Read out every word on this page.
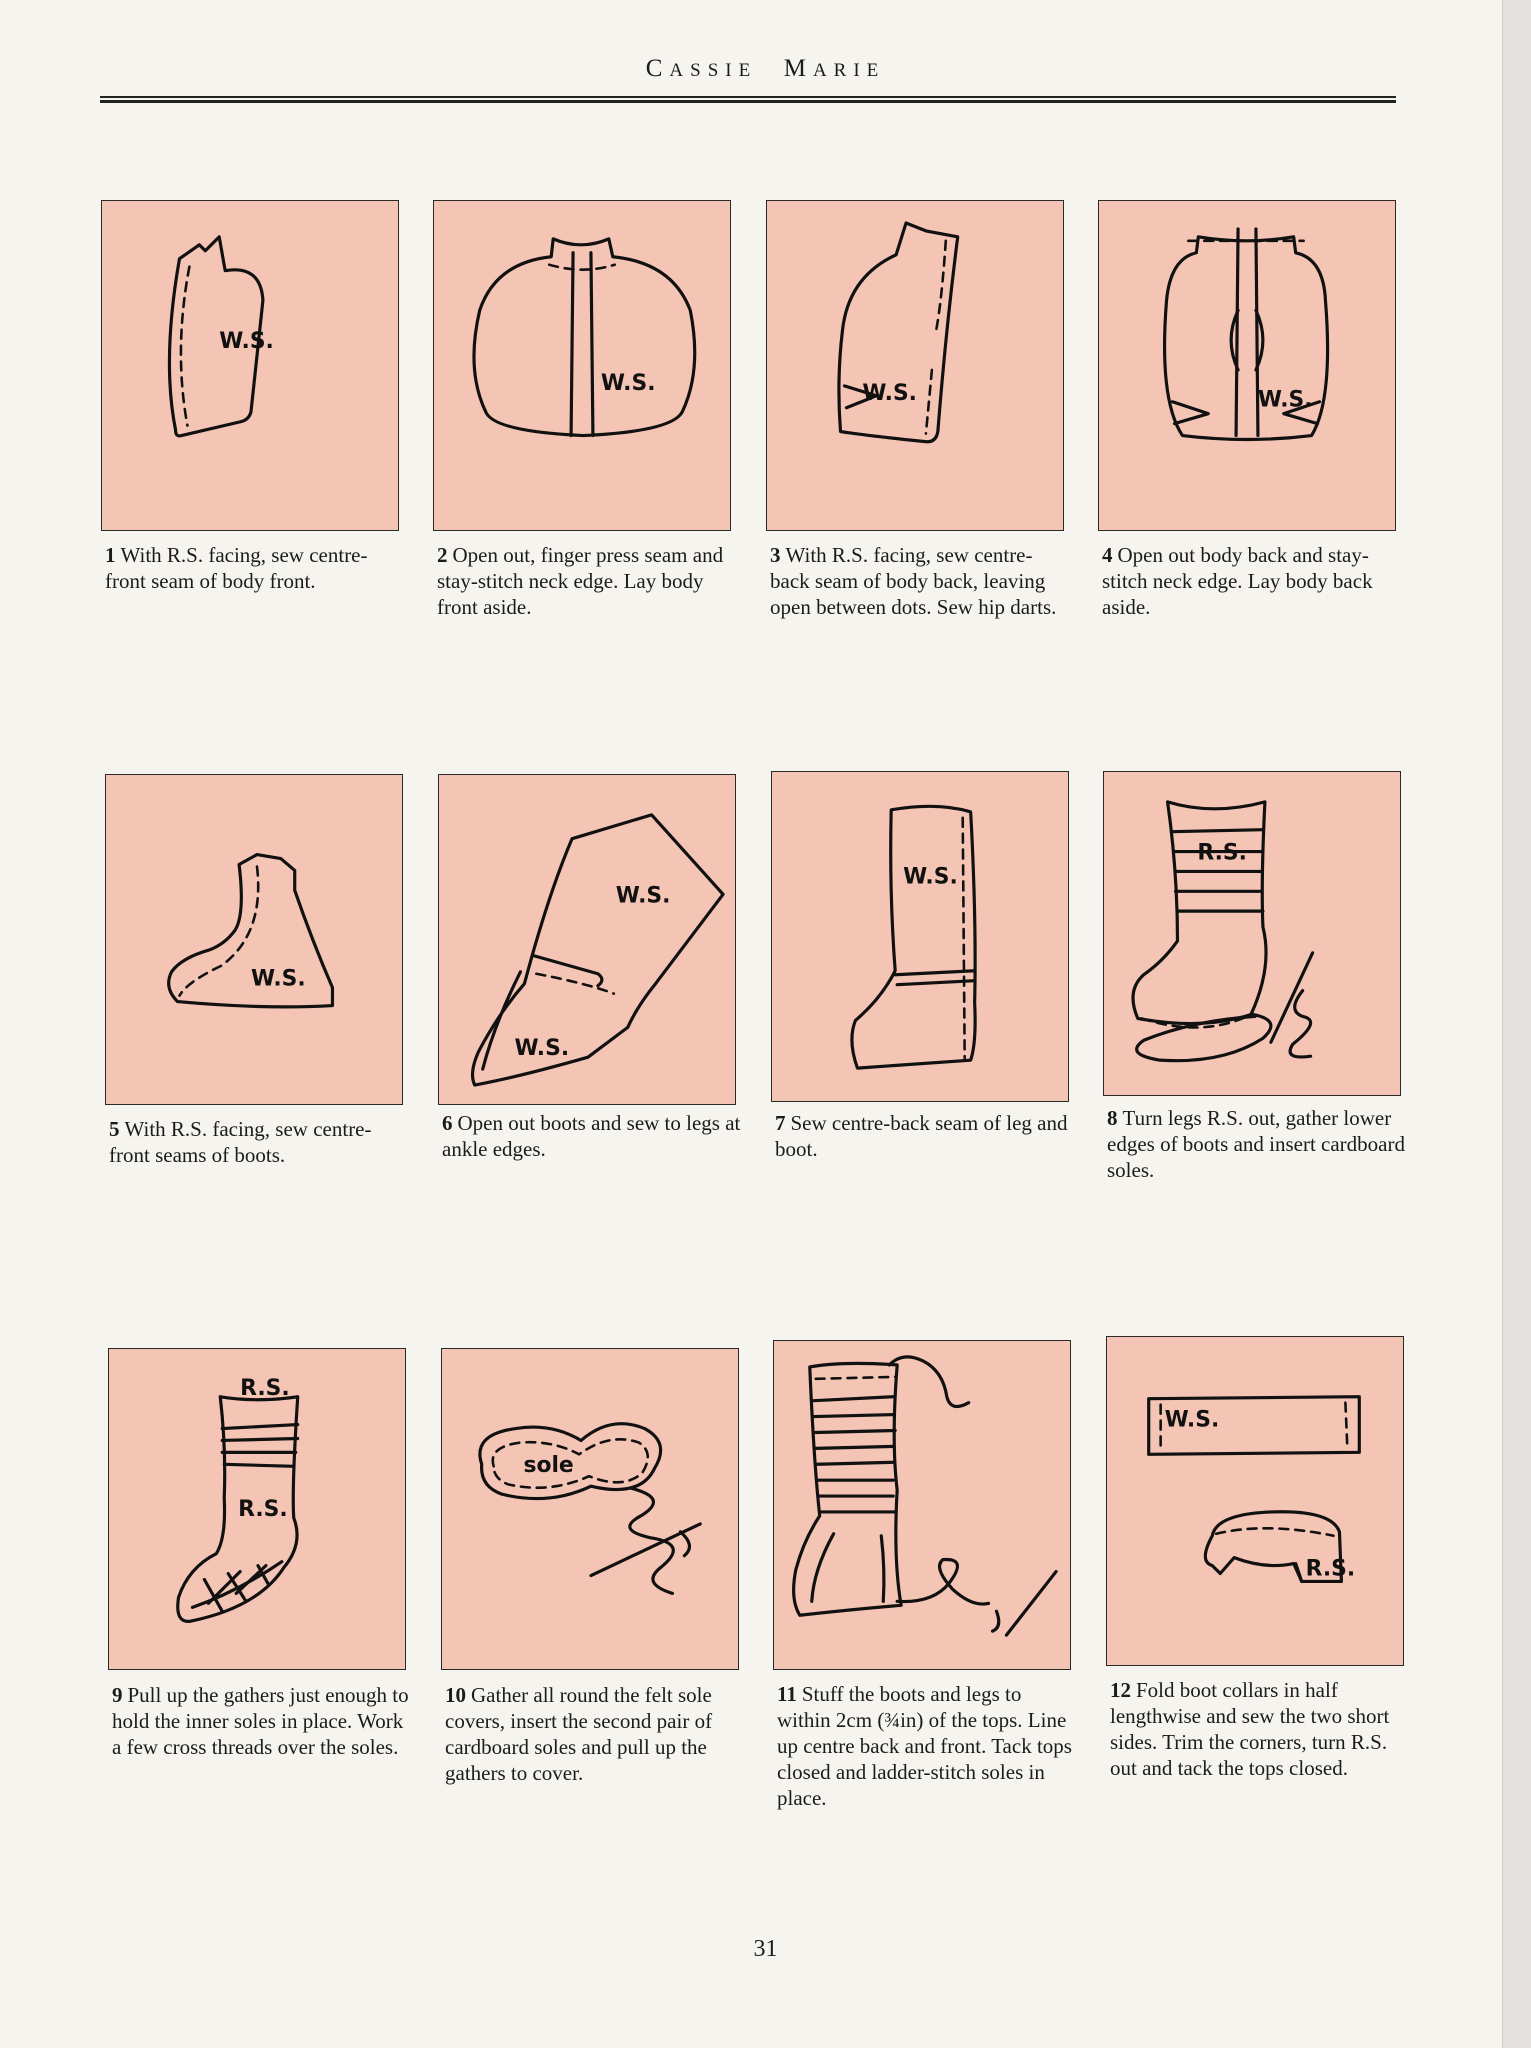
CASSIE MARIE
W.S.
1 With R.S. facing, sew centre-front seam of body front.
W.S.
2 Open out, finger press seam and stay-stitch neck edge. Lay body front aside.
W.S.
3 With R.S. facing, sew centre-back seam of body back, leaving open between dots. Sew hip darts.
W.S.
4 Open out body back and stay-stitch neck edge. Lay body back aside.
W.S.
5 With R.S. facing, sew centre-front seams of boots.
W.S.
W.S.
6 Open out boots and sew to legs at ankle edges.
W.S.
7 Sew centre-back seam of leg and boot.
R.S.
8 Turn legs R.S. out, gather lower edges of boots and insert cardboard soles.
R.S.
R.S.
9 Pull up the gathers just enough to hold the inner soles in place. Work a few cross threads over the soles.
sole
10 Gather all round the felt sole covers, insert the second pair of cardboard soles and pull up the gathers to cover.
11 Stuff the boots and legs to within 2cm (¾in) of the tops. Line up centre back and front. Tack tops closed and ladder-stitch soles in place.
W.S.
R.S.
12 Fold boot collars in half lengthwise and sew the two short sides. Trim the corners, turn R.S. out and tack the tops closed.
31
